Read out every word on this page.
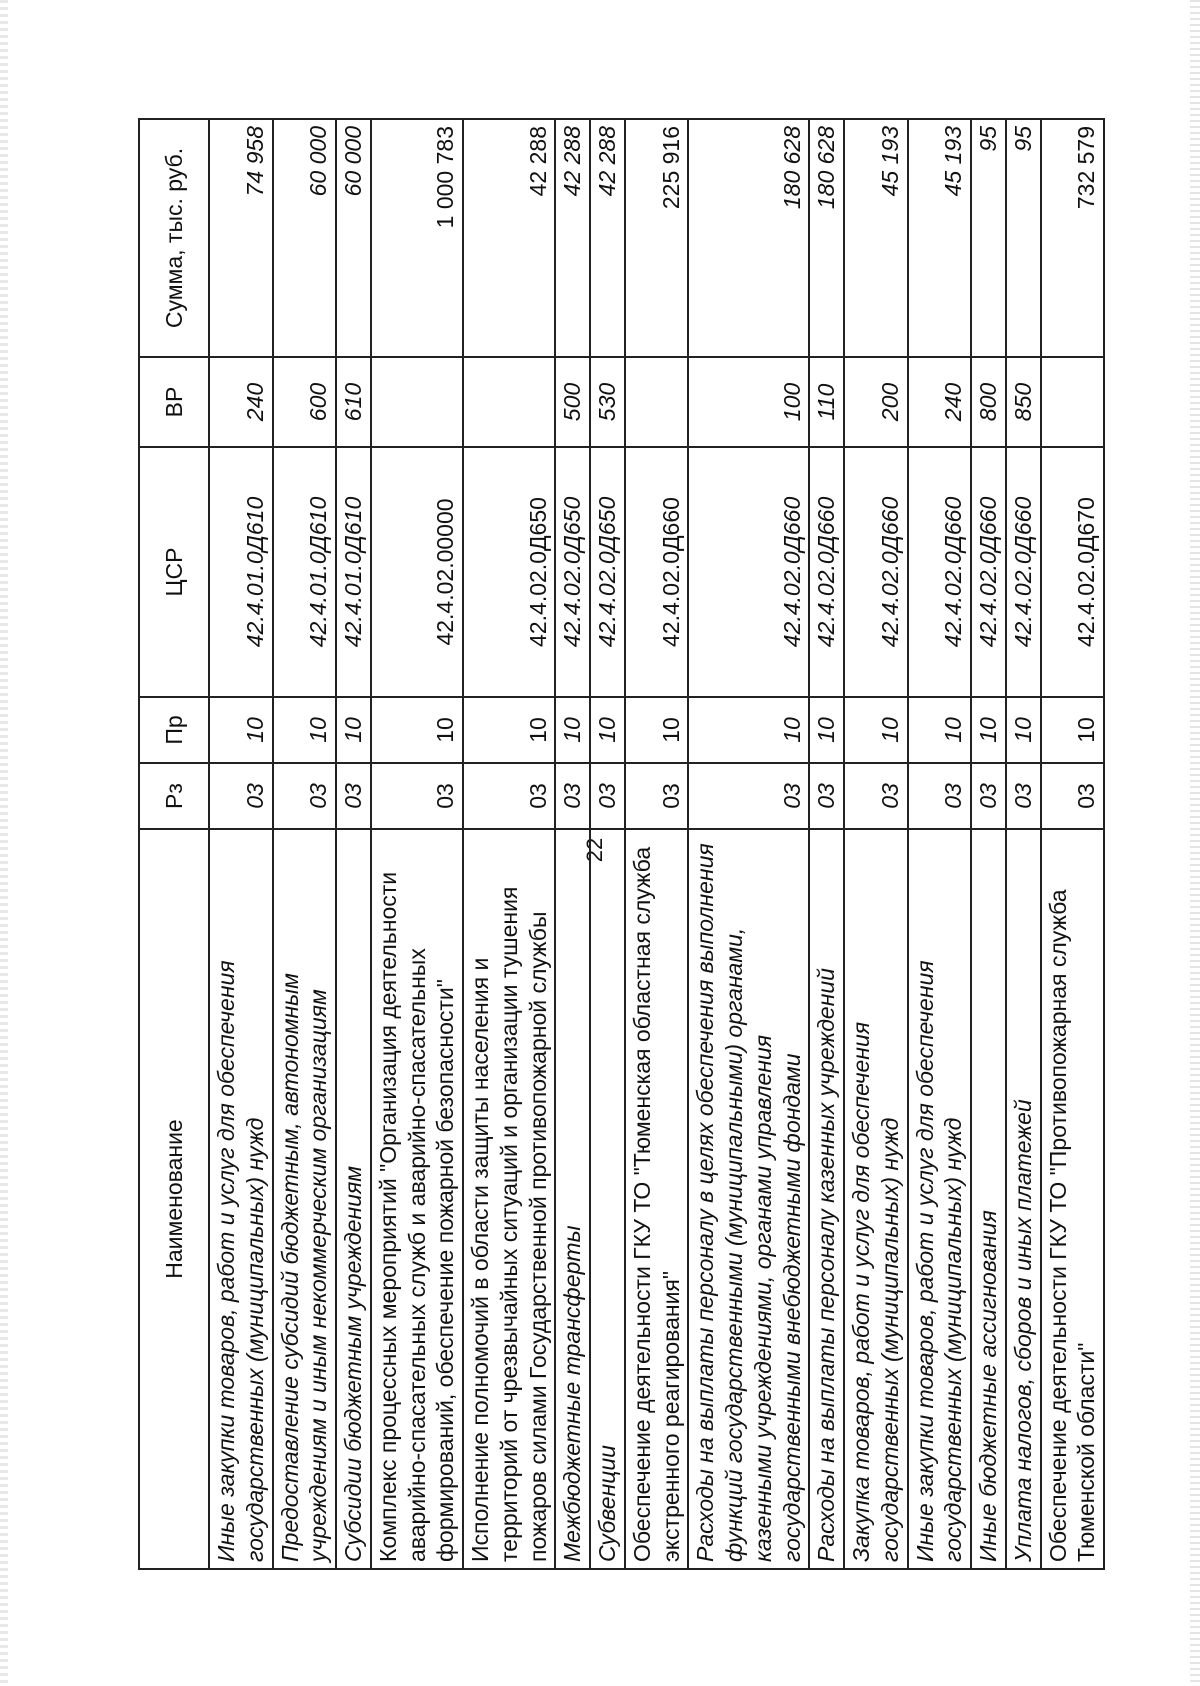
22
Наименование	Рз	Пр	ЦСР	ВР	Сумма, тыс. руб.
Иные закупки товаров, работ и услуг для обеспечения государственных (муниципальных) нужд	03	10	42.4.01.0Д610	240	74 958
Предоставление субсидий бюджетным, автономным учреждениям и иным некоммерческим организациям	03	10	42.4.01.0Д610	600	60 000
Субсидии бюджетным учреждениям	03	10	42.4.01.0Д610	610	60 000
Комплекс процессных мероприятий "Организация деятельности аварийно-спасательных служб и аварийно-спасательных формирований, обеспечение пожарной безопасности"	03	10	42.4.02.00000		1 000 783
Исполнение полномочий в области защиты населения и территорий от чрезвычайных ситуаций и организации тушения пожаров силами Государственной противопожарной службы	03	10	42.4.02.0Д650		42 288
Межбюджетные трансферты	03	10	42.4.02.0Д650	500	42 288
Субвенции	03	10	42.4.02.0Д650	530	42 288
Обеспечение деятельности ГКУ ТО "Тюменская областная служба экстренного реагирования"	03	10	42.4.02.0Д660		225 916
Расходы на выплаты персоналу в целях обеспечения выполнения функций государственными (муниципальными) органами, казенными учреждениями, органами управления государственными внебюджетными фондами	03	10	42.4.02.0Д660	100	180 628
Расходы на выплаты персоналу казенных учреждений	03	10	42.4.02.0Д660	110	180 628
Закупка товаров, работ и услуг для обеспечения государственных (муниципальных) нужд	03	10	42.4.02.0Д660	200	45 193
Иные закупки товаров, работ и услуг для обеспечения государственных (муниципальных) нужд	03	10	42.4.02.0Д660	240	45 193
Иные бюджетные ассигнования	03	10	42.4.02.0Д660	800	95
Уплата налогов, сборов и иных платежей	03	10	42.4.02.0Д660	850	95
Обеспечение деятельности ГКУ ТО "Противопожарная служба Тюменской области"	03	10	42.4.02.0Д670		732 579
